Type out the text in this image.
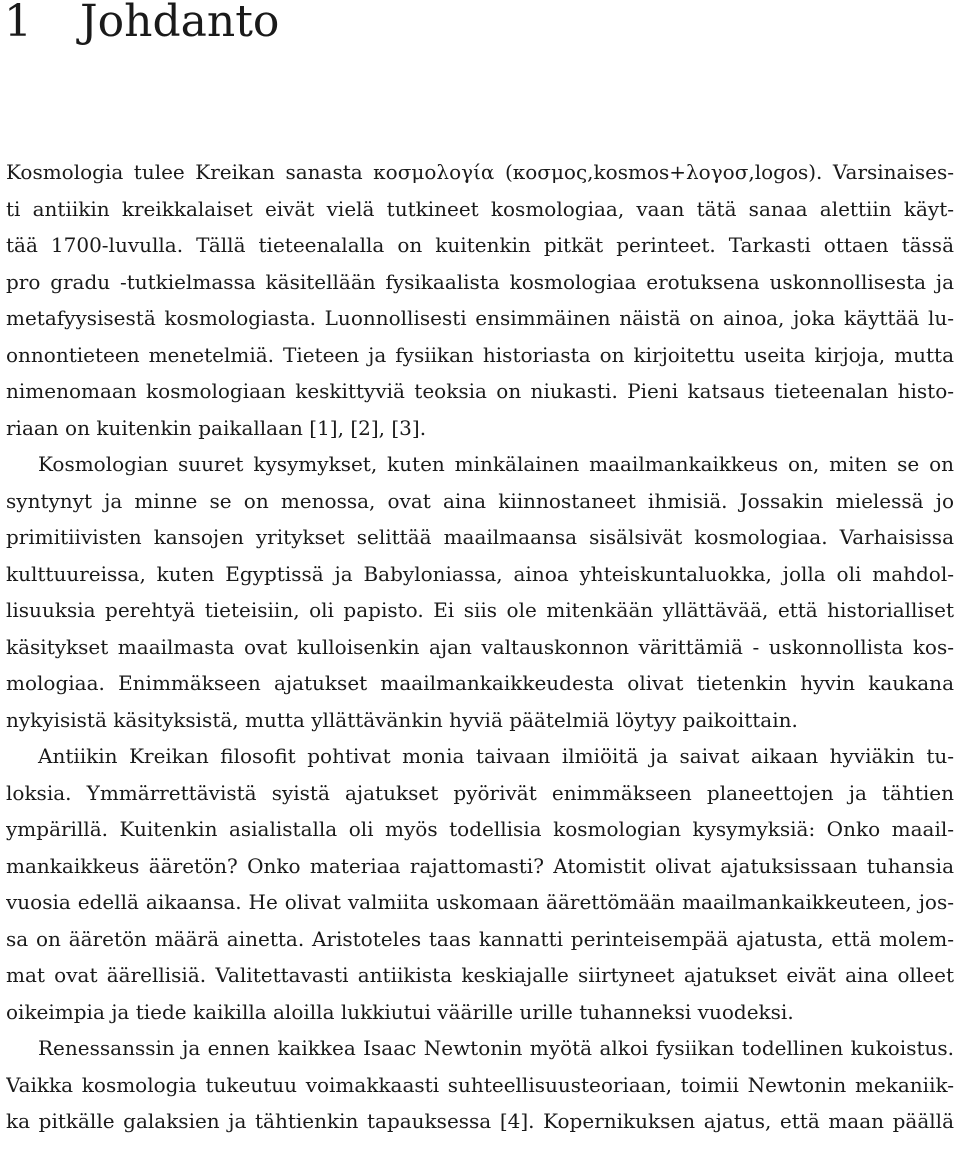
1 Johdanto
Kosmologia tulee Kreikan sanasta κοσμολογία (κοσμος,kosmos+λογοσ,logos). Varsinaises-
ti antiikin kreikkalaiset eivät vielä tutkineet kosmologiaa, vaan tätä sanaa alettiin käyt-
tää 1700-luvulla. Tällä tieteenalalla on kuitenkin pitkät perinteet. Tarkasti ottaen tässä
pro gradu -tutkielmassa käsitellään fysikaalista kosmologiaa erotuksena uskonnollisesta ja
metafyysisestä kosmologiasta. Luonnollisesti ensimmäinen näistä on ainoa, joka käyttää lu-
onnontieteen menetelmiä. Tieteen ja fysiikan historiasta on kirjoitettu useita kirjoja, mutta
nimenomaan kosmologiaan keskittyviä teoksia on niukasti. Pieni katsaus tieteenalan histo-
riaan on kuitenkin paikallaan [1], [2], [3].
Kosmologian suuret kysymykset, kuten minkälainen maailmankaikkeus on, miten se on
syntynyt ja minne se on menossa, ovat aina kiinnostaneet ihmisiä. Jossakin mielessä jo
primitiivisten kansojen yritykset selittää maailmaansa sisälsivät kosmologiaa. Varhaisissa
kulttuureissa, kuten Egyptissä ja Babyloniassa, ainoa yhteiskuntaluokka, jolla oli mahdol-
lisuuksia perehtyä tieteisiin, oli papisto. Ei siis ole mitenkään yllättävää, että historialliset
käsitykset maailmasta ovat kulloisenkin ajan valtauskonnon värittämiä - uskonnollista kos-
mologiaa. Enimmäkseen ajatukset maailmankaikkeudesta olivat tietenkin hyvin kaukana
nykyisistä käsityksistä, mutta yllättävänkin hyviä päätelmiä löytyy paikoittain.
Antiikin Kreikan filosofit pohtivat monia taivaan ilmiöitä ja saivat aikaan hyviäkin tu-
loksia. Ymmärrettävistä syistä ajatukset pyörivät enimmäkseen planeettojen ja tähtien
ympärillä. Kuitenkin asialistalla oli myös todellisia kosmologian kysymyksiä: Onko maail-
mankaikkeus ääretön? Onko materiaa rajattomasti? Atomistit olivat ajatuksissaan tuhansia
vuosia edellä aikaansa. He olivat valmiita uskomaan äärettömään maailmankaikkeuteen, jos-
sa on ääretön määrä ainetta. Aristoteles taas kannatti perinteisempää ajatusta, että molem-
mat ovat äärellisiä. Valitettavasti antiikista keskiajalle siirtyneet ajatukset eivät aina olleet
oikeimpia ja tiede kaikilla aloilla lukkiutui väärille urille tuhanneksi vuodeksi.
Renessanssin ja ennen kaikkea Isaac Newtonin myötä alkoi fysiikan todellinen kukoistus.
Vaikka kosmologia tukeutuu voimakkaasti suhteellisuusteoriaan, toimii Newtonin mekaniik-
ka pitkälle galaksien ja tähtienkin tapauksessa [4]. Kopernikuksen ajatus, että maan päällä
